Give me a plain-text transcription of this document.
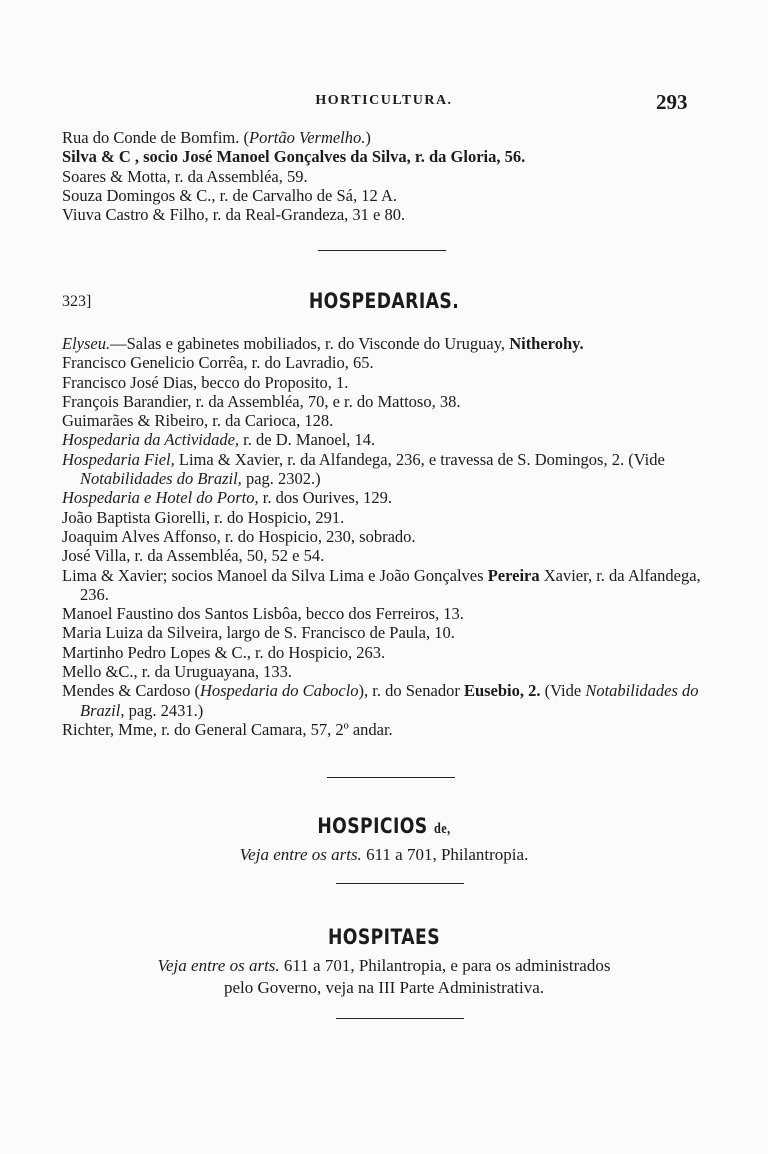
HORTICULTURA.	293
Rua do Conde de Bomfim. (Portão Vermelho.)
Silva & C , socio José Manoel Gonçalves da Silva, r. da Gloria, 56.
Soares & Motta, r. da Assembléa, 59.
Souza Domingos & C., r. de Carvalho de Sá, 12 A.
Viuva Castro & Filho, r. da Real-Grandeza, 31 e 80.
323]	HOSPEDARIAS.
Elyseu.—Salas e gabinetes mobiliados, r. do Visconde do Uruguay, Nitherohy.
Francisco Genelicio Corrêa, r. do Lavradio, 65.
Francisco José Dias, becco do Proposito, 1.
François Barandier, r. da Assembléa, 70, e r. do Mattoso, 38.
Guimarães & Ribeiro, r. da Carioca, 128.
Hospedaria da Actividade, r. de D. Manoel, 14.
Hospedaria Fiel, Lima & Xavier, r. da Alfandega, 236, e travessa de S. Domingos, 2. (Vide Notabilidades do Brazil, pag. 2302.)
Hospedaria e Hotel do Porto, r. dos Ourives, 129.
João Baptista Giorelli, r. do Hospicio, 291.
Joaquim Alves Affonso, r. do Hospicio, 230, sobrado.
José Villa, r. da Assembléa, 50, 52 e 54.
Lima & Xavier; socios Manoel da Silva Lima e João Gonçalves Pereira Xavier, r. da Alfandega, 236.
Manoel Faustino dos Santos Lisbôa, becco dos Ferreiros, 13.
Maria Luiza da Silveira, largo de S. Francisco de Paula, 10.
Martinho Pedro Lopes & C., r. do Hospicio, 263.
Mello &C., r. da Uruguayana, 133.
Mendes & Cardoso (Hospedaria do Caboclo), r. do Senador Eusebio, 2. (Vide Notabilidades do Brazil, pag. 2431.)
Richter, Mme, r. do General Camara, 57, 2º andar.
HOSPICIOS de,
Veja entre os arts. 611 a 701, Philantropia.
HOSPITAES
Veja entre os arts. 611 a 701, Philantropia, e para os administrados
pelo Governo, veja na III Parte Administrativa.
